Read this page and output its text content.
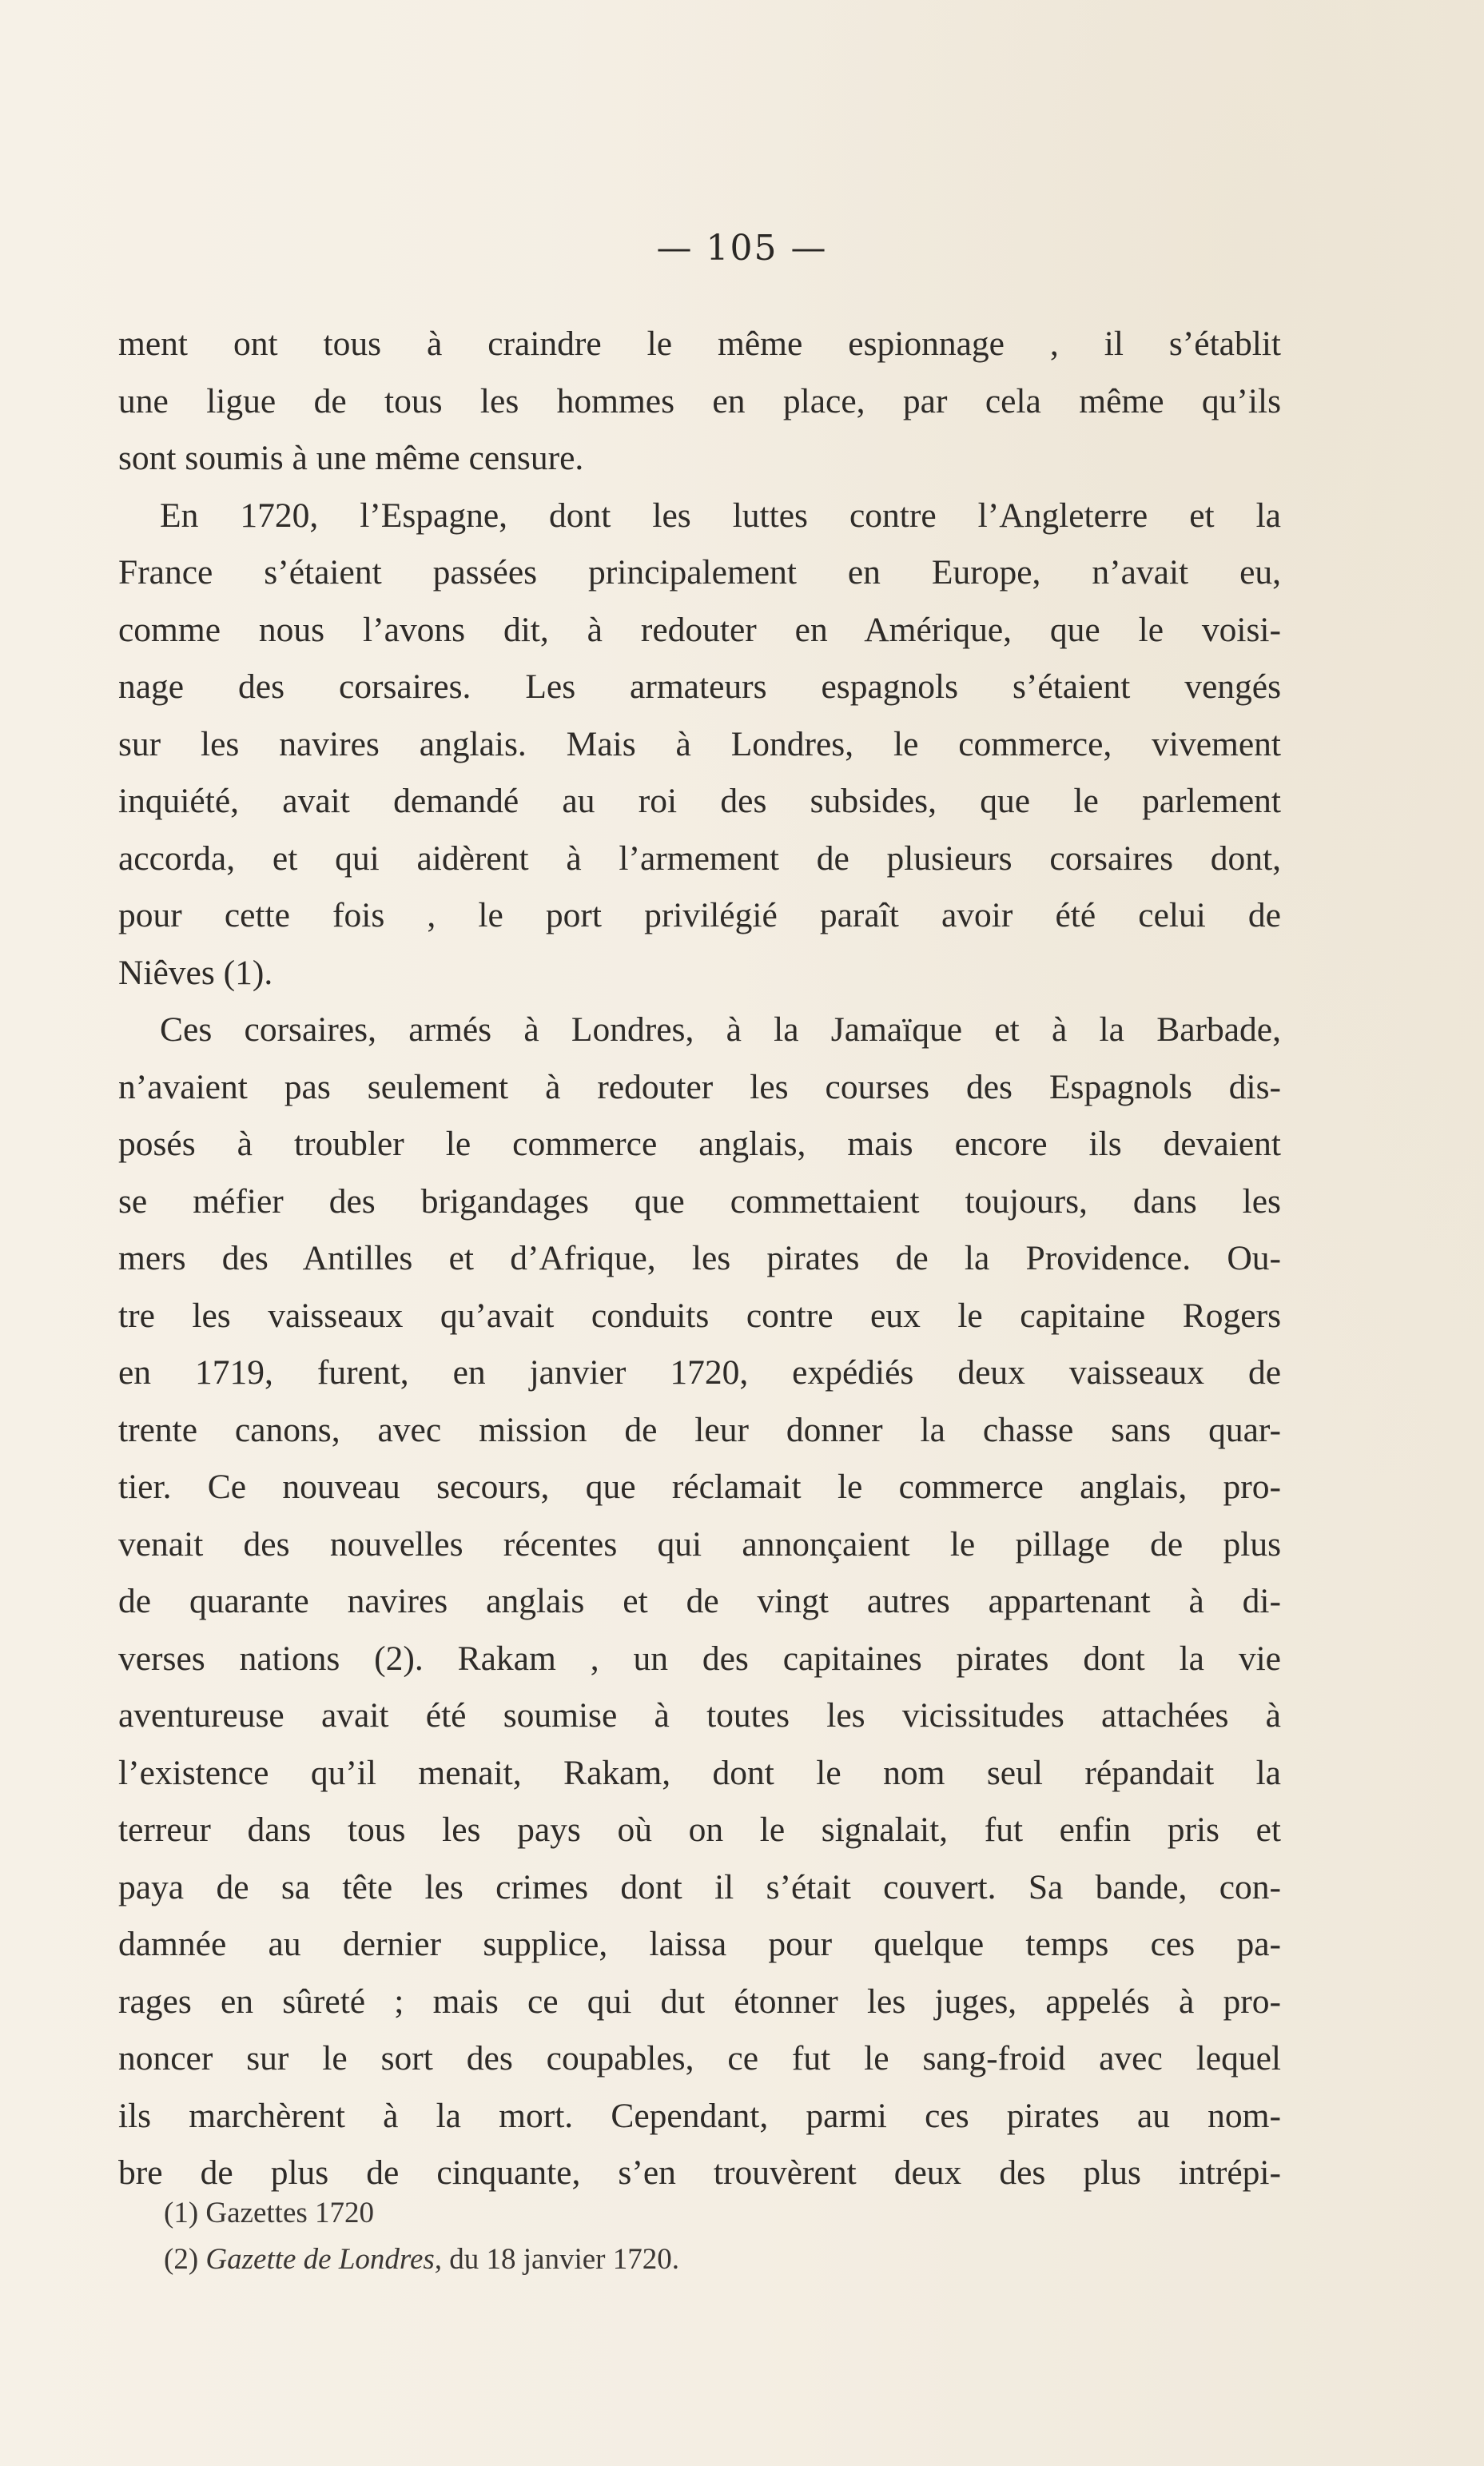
— 105 —
ment ont tous à craindre le même espionnage , il s’établit
une ligue de tous les hommes en place, par cela même qu’ils
sont soumis à une même censure.
En 1720, l’Espagne, dont les luttes contre l’Angleterre et la
France s’étaient passées principalement en Europe, n’avait eu,
comme nous l’avons dit, à redouter en Amérique, que le voisi-
nage des corsaires. Les armateurs espagnols s’étaient vengés
sur les navires anglais. Mais à Londres, le commerce, vivement
inquiété, avait demandé au roi des subsides, que le parlement
accorda, et qui aidèrent à l’armement de plusieurs corsaires dont,
pour cette fois , le port privilégié paraît avoir été celui de
Niêves (1).
Ces corsaires, armés à Londres, à la Jamaïque et à la Barbade,
n’avaient pas seulement à redouter les courses des Espagnols dis-
posés à troubler le commerce anglais, mais encore ils devaient
se méfier des brigandages que commettaient toujours, dans les
mers des Antilles et d’Afrique, les pirates de la Providence. Ou-
tre les vaisseaux qu’avait conduits contre eux le capitaine Rogers
en 1719, furent, en janvier 1720, expédiés deux vaisseaux de
trente canons, avec mission de leur donner la chasse sans quar-
tier. Ce nouveau secours, que réclamait le commerce anglais, pro-
venait des nouvelles récentes qui annonçaient le pillage de plus
de quarante navires anglais et de vingt autres appartenant à di-
verses nations (2). Rakam , un des capitaines pirates dont la vie
aventureuse avait été soumise à toutes les vicissitudes attachées à
l’existence qu’il menait, Rakam, dont le nom seul répandait la
terreur dans tous les pays où on le signalait, fut enfin pris et
paya de sa tête les crimes dont il s’était couvert. Sa bande, con-
damnée au dernier supplice, laissa pour quelque temps ces pa-
rages en sûreté ; mais ce qui dut étonner les juges, appelés à pro-
noncer sur le sort des coupables, ce fut le sang-froid avec lequel
ils marchèrent à la mort. Cependant, parmi ces pirates au nom-
bre de plus de cinquante, s’en trouvèrent deux des plus intrépi-
(1) Gazettes 1720
(2) Gazette de Londres, du 18 janvier 1720.
